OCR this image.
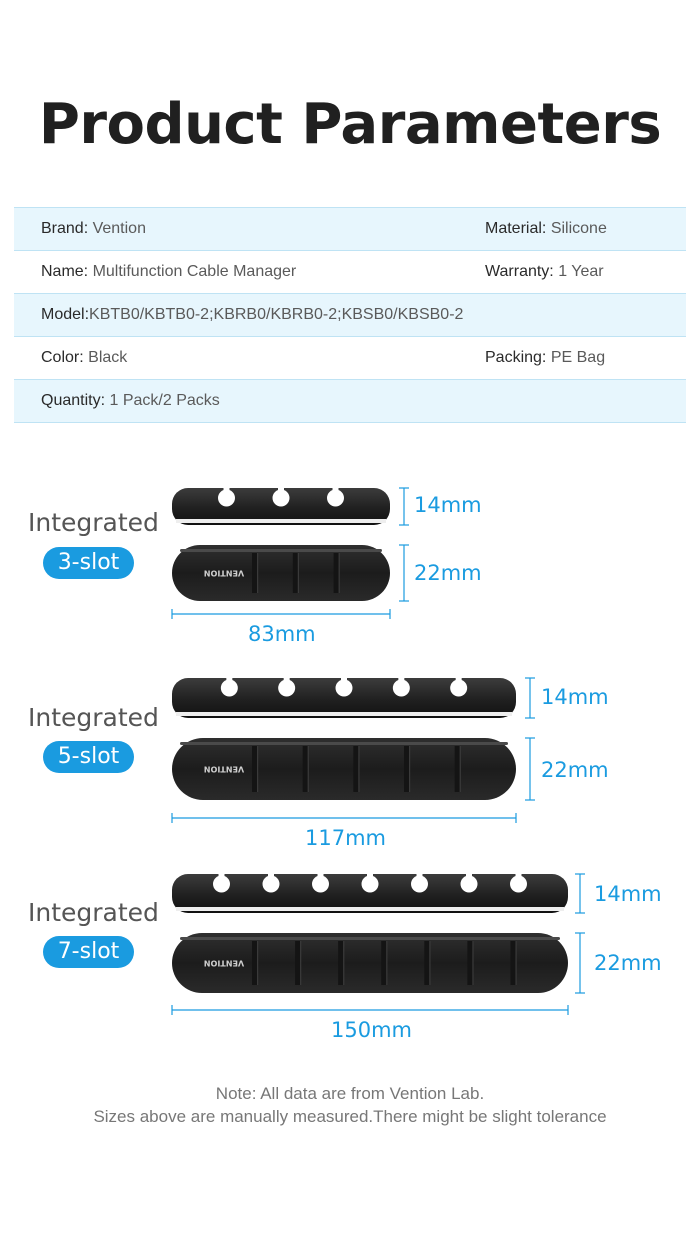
Product Parameters
Brand: Vention	Material: Silicone
Name: Multifunction Cable Manager	Warranty: 1 Year
Model:KBTB0/KBTB0-2;KBRB0/KBRB0-2;KBSB0/KBSB0-2
Color: Black	Packing: PE Bag
Quantity: 1 Pack/2 Packs
VENTION
VENTION
VENTION
Integrated
3-slot
14mm
22mm
83mm
Integrated
5-slot
14mm
22mm
117mm
Integrated
7-slot
14mm
22mm
150mm
Note: All data are from Vention Lab.
Sizes above are manually measured.There might be slight tolerance
